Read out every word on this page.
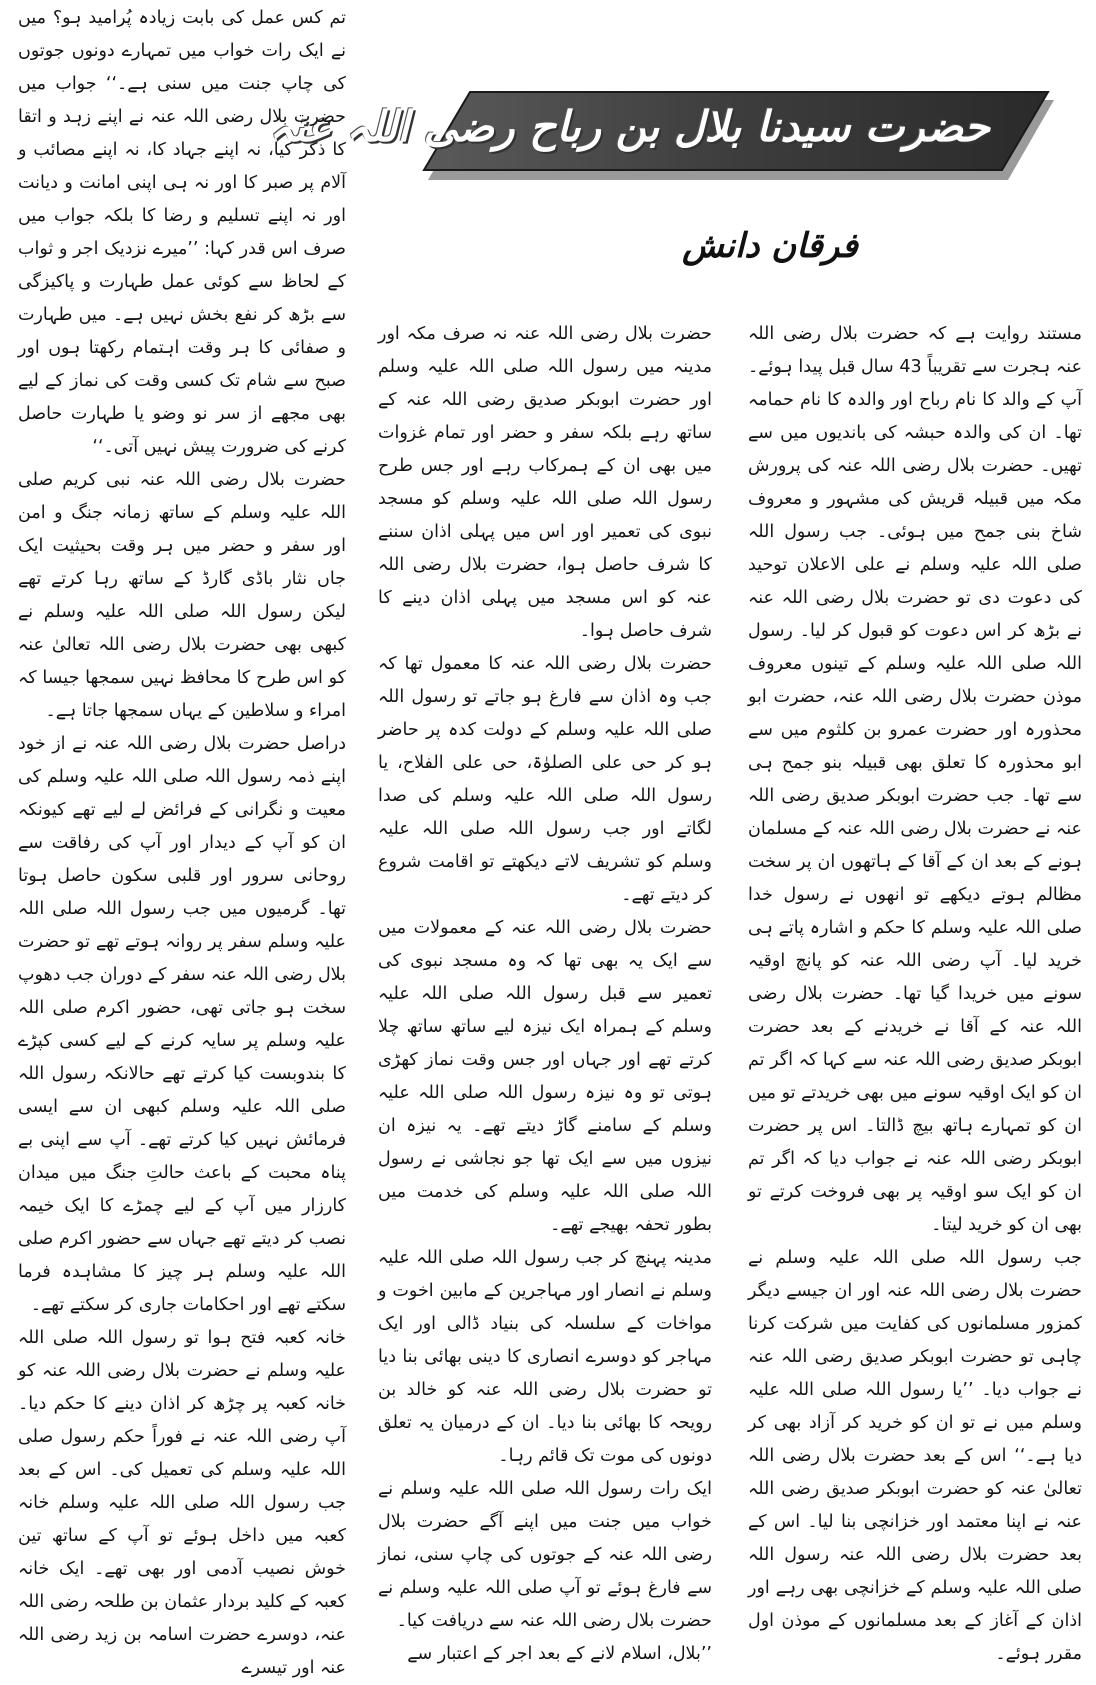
حضرت سیدنا بلال بن رباح رضی اللہ عنہ
فرقان دانش

مستند روایت ہے کہ حضرت بلال رضی اللہ عنہ ہجرت سے تقریباً 43 سال قبل پیدا ہوئے۔ آپ کے والد کا نام رباح اور والدہ کا نام حمامہ تھا۔ ان کی والدہ حبشہ کی باندیوں میں سے تھیں۔ حضرت بلال رضی اللہ عنہ کی پرورش مکہ میں قبیلہ قریش کی مشہور و معروف شاخ بنی جمح میں ہوئی۔ جب رسول اللہ صلی اللہ علیہ وسلم نے علی الاعلان توحید کی دعوت دی تو حضرت بلال رضی اللہ عنہ نے بڑھ کر اس دعوت کو قبول کر لیا۔ رسول اللہ صلی اللہ علیہ وسلم کے تینوں معروف موذن حضرت بلال رضی اللہ عنہ، حضرت ابو محذورہ اور حضرت عمرو بن کلثوم میں سے ابو محذورہ کا تعلق بھی قبیلہ بنو جمح ہی سے تھا۔ جب حضرت ابوبکر صدیق رضی اللہ عنہ نے حضرت بلال رضی اللہ عنہ کے مسلمان ہونے کے بعد ان کے آقا کے ہاتھوں ان پر سخت مظالم ہوتے دیکھے تو انھوں نے رسول خدا صلی اللہ علیہ وسلم کا حکم و اشارہ پاتے ہی خرید لیا۔ آپ رضی اللہ عنہ کو پانچ اوقیہ سونے میں خریدا گیا تھا۔ حضرت بلال رضی اللہ عنہ کے آقا نے خریدنے کے بعد حضرت ابوبکر صدیق رضی اللہ عنہ سے کہا کہ اگر تم ان کو ایک اوقیہ سونے میں بھی خریدتے تو میں ان کو تمہارے ہاتھ بیچ ڈالتا۔ اس پر حضرت ابوبکر رضی اللہ عنہ نے جواب دیا کہ اگر تم ان کو ایک سو اوقیہ پر بھی فروخت کرتے تو بھی ان کو خرید لیتا۔

جب رسول اللہ صلی اللہ علیہ وسلم نے حضرت بلال رضی اللہ عنہ اور ان جیسے دیگر کمزور مسلمانوں کی کفایت میں شرکت کرنا چاہی تو حضرت ابوبکر صدیق رضی اللہ عنہ نے جواب دیا۔ ’’یا رسول اللہ صلی اللہ علیہ وسلم میں نے تو ان کو خرید کر آزاد بھی کر دیا ہے۔‘‘ اس کے بعد حضرت بلال رضی اللہ تعالیٰ عنہ کو حضرت ابوبکر صدیق رضی اللہ عنہ نے اپنا معتمد اور خزانچی بنا لیا۔ اس کے بعد حضرت بلال رضی اللہ عنہ رسول اللہ صلی اللہ علیہ وسلم کے خزانچی بھی رہے اور اذان کے آغاز کے بعد مسلمانوں کے موذن اول مقرر ہوئے۔

حضرت بلال رضی اللہ عنہ نہ صرف مکہ اور مدینہ میں رسول اللہ صلی اللہ علیہ وسلم اور حضرت ابوبکر صدیق رضی اللہ عنہ کے ساتھ رہے بلکہ سفر و حضر اور تمام غزوات میں بھی ان کے ہمرکاب رہے اور جس طرح رسول اللہ صلی اللہ علیہ وسلم کو مسجد نبوی کی تعمیر اور اس میں پہلی اذان سننے کا شرف حاصل ہوا، حضرت بلال رضی اللہ عنہ کو اس مسجد میں پہلی اذان دینے کا شرف حاصل ہوا۔

حضرت بلال رضی اللہ عنہ کا معمول تھا کہ جب وہ اذان سے فارغ ہو جاتے تو رسول اللہ صلی اللہ علیہ وسلم کے دولت کدہ پر حاضر ہو کر حی علی الصلوٰۃ، حی علی الفلاح، یا رسول اللہ صلی اللہ علیہ وسلم کی صدا لگاتے اور جب رسول اللہ صلی اللہ علیہ وسلم کو تشریف لاتے دیکھتے تو اقامت شروع کر دیتے تھے۔

حضرت بلال رضی اللہ عنہ کے معمولات میں سے ایک یہ بھی تھا کہ وہ مسجد نبوی کی تعمیر سے قبل رسول اللہ صلی اللہ علیہ وسلم کے ہمراہ ایک نیزہ لیے ساتھ ساتھ چلا کرتے تھے اور جہاں اور جس وقت نماز کھڑی ہوتی تو وہ نیزہ رسول اللہ صلی اللہ علیہ وسلم کے سامنے گاڑ دیتے تھے۔ یہ نیزہ ان نیزوں میں سے ایک تھا جو نجاشی نے رسول اللہ صلی اللہ علیہ وسلم کی خدمت میں بطور تحفہ بھیجے تھے۔

مدینہ پہنچ کر جب رسول اللہ صلی اللہ علیہ وسلم نے انصار اور مہاجرین کے مابین اخوت و مواخات کے سلسلہ کی بنیاد ڈالی اور ایک مہاجر کو دوسرے انصاری کا دینی بھائی بنا دیا تو حضرت بلال رضی اللہ عنہ کو خالد بن رویحہ کا بھائی بنا دیا۔ ان کے درمیان یہ تعلق دونوں کی موت تک قائم رہا۔

ایک رات رسول اللہ صلی اللہ علیہ وسلم نے خواب میں جنت میں اپنے آگے حضرت بلال رضی اللہ عنہ کے جوتوں کی چاپ سنی، نماز سے فارغ ہوئے تو آپ صلی اللہ علیہ وسلم نے حضرت بلال رضی اللہ عنہ سے دریافت کیا۔

’’بلال، اسلام لانے کے بعد اجر کے اعتبار سے

تم کس عمل کی بابت زیادہ پُرامید ہو؟ میں نے ایک رات خواب میں تمہارے دونوں جوتوں کی چاپ جنت میں سنی ہے۔‘‘ جواب میں حضرت بلال رضی اللہ عنہ نے اپنے زہد و اتقا کا ذکر کیا، نہ اپنے جہاد کا، نہ اپنے مصائب و آلام پر صبر کا اور نہ ہی اپنی امانت و دیانت اور نہ اپنے تسلیم و رضا کا بلکہ جواب میں صرف اس قدر کہا: ’’میرے نزدیک اجر و ثواب کے لحاظ سے کوئی عمل طہارت و پاکیزگی سے بڑھ کر نفع بخش نہیں ہے۔ میں طہارت و صفائی کا ہر وقت اہتمام رکھتا ہوں اور صبح سے شام تک کسی وقت کی نماز کے لیے بھی مجھے از سر نو وضو یا طہارت حاصل کرنے کی ضرورت پیش نہیں آتی۔‘‘

حضرت بلال رضی اللہ عنہ نبی کریم صلی اللہ علیہ وسلم کے ساتھ زمانہ جنگ و امن اور سفر و حضر میں ہر وقت بحیثیت ایک جاں نثار باڈی گارڈ کے ساتھ رہا کرتے تھے لیکن رسول اللہ صلی اللہ علیہ وسلم نے کبھی بھی حضرت بلال رضی اللہ تعالیٰ عنہ کو اس طرح کا محافظ نہیں سمجھا جیسا کہ امراء و سلاطین کے یہاں سمجھا جاتا ہے۔

دراصل حضرت بلال رضی اللہ عنہ نے از خود اپنے ذمہ رسول اللہ صلی اللہ علیہ وسلم کی معیت و نگرانی کے فرائض لے لیے تھے کیونکہ ان کو آپ کے دیدار اور آپ کی رفاقت سے روحانی سرور اور قلبی سکون حاصل ہوتا تھا۔ گرمیوں میں جب رسول اللہ صلی اللہ علیہ وسلم سفر پر روانہ ہوتے تھے تو حضرت بلال رضی اللہ عنہ سفر کے دوران جب دھوپ سخت ہو جاتی تھی، حضور اکرم صلی اللہ علیہ وسلم پر سایہ کرنے کے لیے کسی کپڑے کا بندوبست کیا کرتے تھے حالانکہ رسول اللہ صلی اللہ علیہ وسلم کبھی ان سے ایسی فرمائش نہیں کیا کرتے تھے۔ آپ سے اپنی بے پناہ محبت کے باعث حالتِ جنگ میں میدان کارزار میں آپ کے لیے چمڑے کا ایک خیمہ نصب کر دیتے تھے جہاں سے حضور اکرم صلی اللہ علیہ وسلم ہر چیز کا مشاہدہ فرما سکتے تھے اور احکامات جاری کر سکتے تھے۔

خانہ کعبہ فتح ہوا تو رسول اللہ صلی اللہ علیہ وسلم نے حضرت بلال رضی اللہ عنہ کو خانہ کعبہ پر چڑھ کر اذان دینے کا حکم دیا۔ آپ رضی اللہ عنہ نے فوراً حکم رسول صلی اللہ علیہ وسلم کی تعمیل کی۔ اس کے بعد جب رسول اللہ صلی اللہ علیہ وسلم خانہ کعبہ میں داخل ہوئے تو آپ کے ساتھ تین خوش نصیب آدمی اور بھی تھے۔ ایک خانہ کعبہ کے کلید بردار عثمان بن طلحہ رضی اللہ عنہ، دوسرے حضرت اسامہ بن زید رضی اللہ عنہ اور تیسرے
